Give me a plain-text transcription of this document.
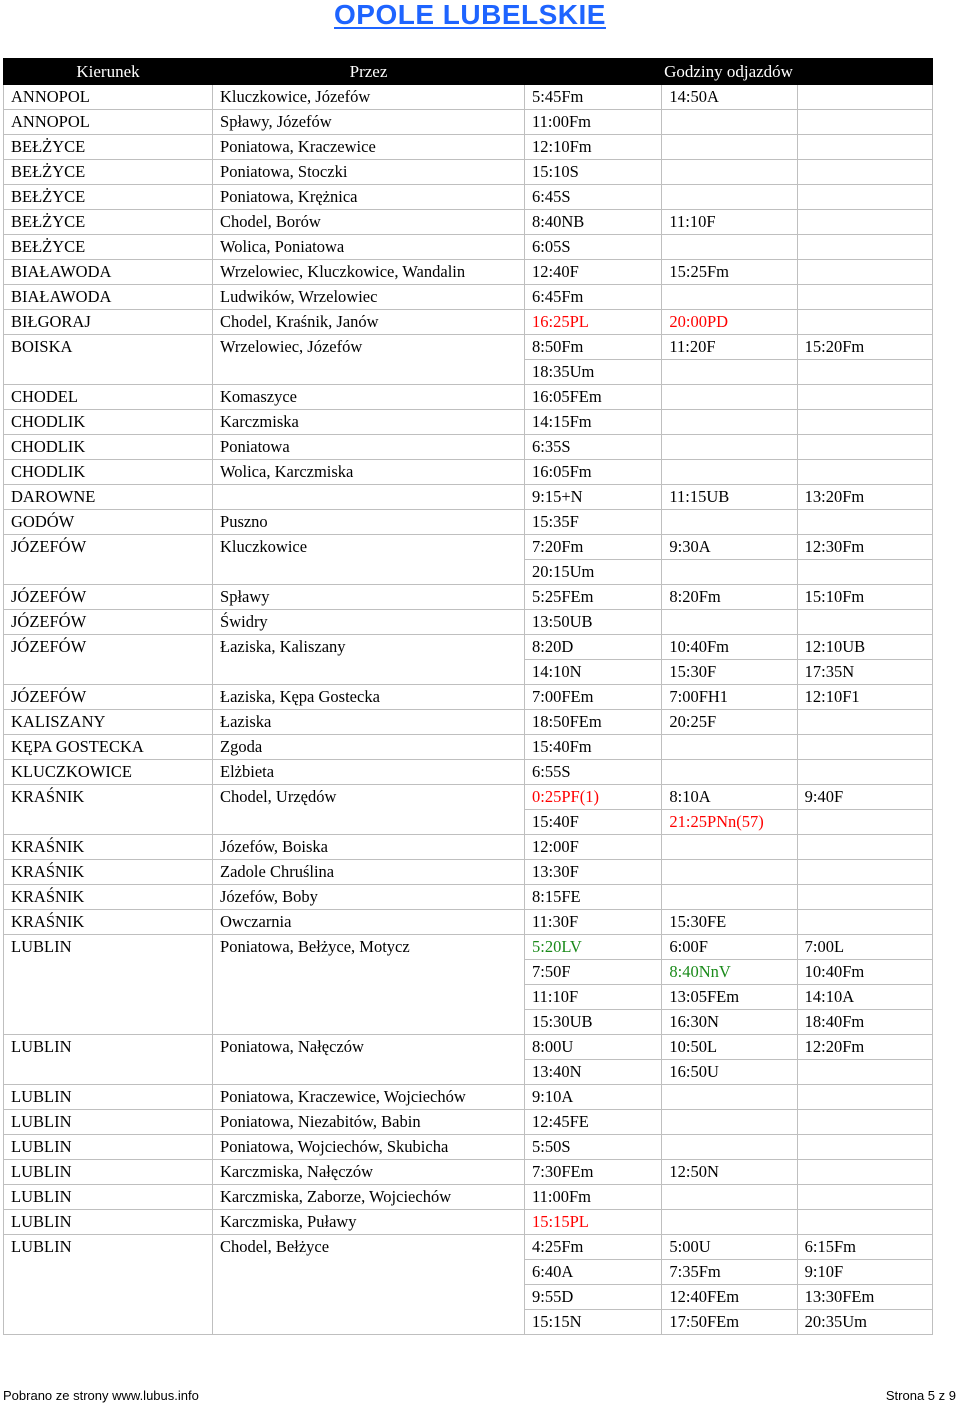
OPOLE LUBELSKIE
Kierunek	Przez	Godziny odjazdów		
ANNOPOL	Kluczkowice, Józefów	5:45Fm	14:50A	
ANNOPOL	Spławy, Józefów	11:00Fm		
BEŁŻYCE	Poniatowa, Kraczewice	12:10Fm		
BEŁŻYCE	Poniatowa, Stoczki	15:10S		
BEŁŻYCE	Poniatowa, Krężnica	6:45S		
BEŁŻYCE	Chodel, Borów	8:40NB	11:10F	
BEŁŻYCE	Wolica, Poniatowa	6:05S		
BIAŁAWODA	Wrzelowiec, Kluczkowice, Wandalin	12:40F	15:25Fm	
BIAŁAWODA	Ludwików, Wrzelowiec	6:45Fm		
BIŁGORAJ	Chodel, Kraśnik, Janów	16:25PL	20:00PD	
BOISKA	Wrzelowiec, Józefów	8:50Fm	11:20F	15:20Fm
		18:35Um		
CHODEL	Komaszyce	16:05FEm		
CHODLIK	Karczmiska	14:15Fm		
CHODLIK	Poniatowa	6:35S		
CHODLIK	Wolica, Karczmiska	16:05Fm		
DAROWNE		9:15+N	11:15UB	13:20Fm
GODÓW	Puszno	15:35F		
JÓZEFÓW	Kluczkowice	7:20Fm	9:30A	12:30Fm
		20:15Um		
JÓZEFÓW	Spławy	5:25FEm	8:20Fm	15:10Fm
JÓZEFÓW	Świdry	13:50UB		
JÓZEFÓW	Łaziska, Kaliszany	8:20D	10:40Fm	12:10UB
		14:10N	15:30F	17:35N
JÓZEFÓW	Łaziska, Kępa Gostecka	7:00FEm	7:00FH1	12:10F1
KALISZANY	Łaziska	18:50FEm	20:25F	
KĘPA GOSTECKA	Zgoda	15:40Fm		
KLUCZKOWICE	Elżbieta	6:55S		
KRAŚNIK	Chodel, Urzędów	0:25PF(1)	8:10A	9:40F
		15:40F	21:25PNn(57)	
KRAŚNIK	Józefów, Boiska	12:00F		
KRAŚNIK	Zadole Chruślina	13:30F		
KRAŚNIK	Józefów, Boby	8:15FE		
KRAŚNIK	Owczarnia	11:30F	15:30FE	
LUBLIN	Poniatowa, Bełżyce, Motycz	5:20LV	6:00F	7:00L
		7:50F	8:40NnV	10:40Fm
		11:10F	13:05FEm	14:10A
		15:30UB	16:30N	18:40Fm
LUBLIN	Poniatowa, Nałęczów	8:00U	10:50L	12:20Fm
		13:40N	16:50U	
LUBLIN	Poniatowa, Kraczewice, Wojciechów	9:10A		
LUBLIN	Poniatowa, Niezabitów, Babin	12:45FE		
LUBLIN	Poniatowa, Wojciechów, Skubicha	5:50S		
LUBLIN	Karczmiska, Nałęczów	7:30FEm	12:50N	
LUBLIN	Karczmiska, Zaborze, Wojciechów	11:00Fm		
LUBLIN	Karczmiska, Puławy	15:15PL		
LUBLIN	Chodel, Bełżyce	4:25Fm	5:00U	6:15Fm
		6:40A	7:35Fm	9:10F
		9:55D	12:40FEm	13:30FEm
		15:15N	17:50FEm	20:35Um
Pobrano ze strony www.lubus.info	Strona 5 z 9
